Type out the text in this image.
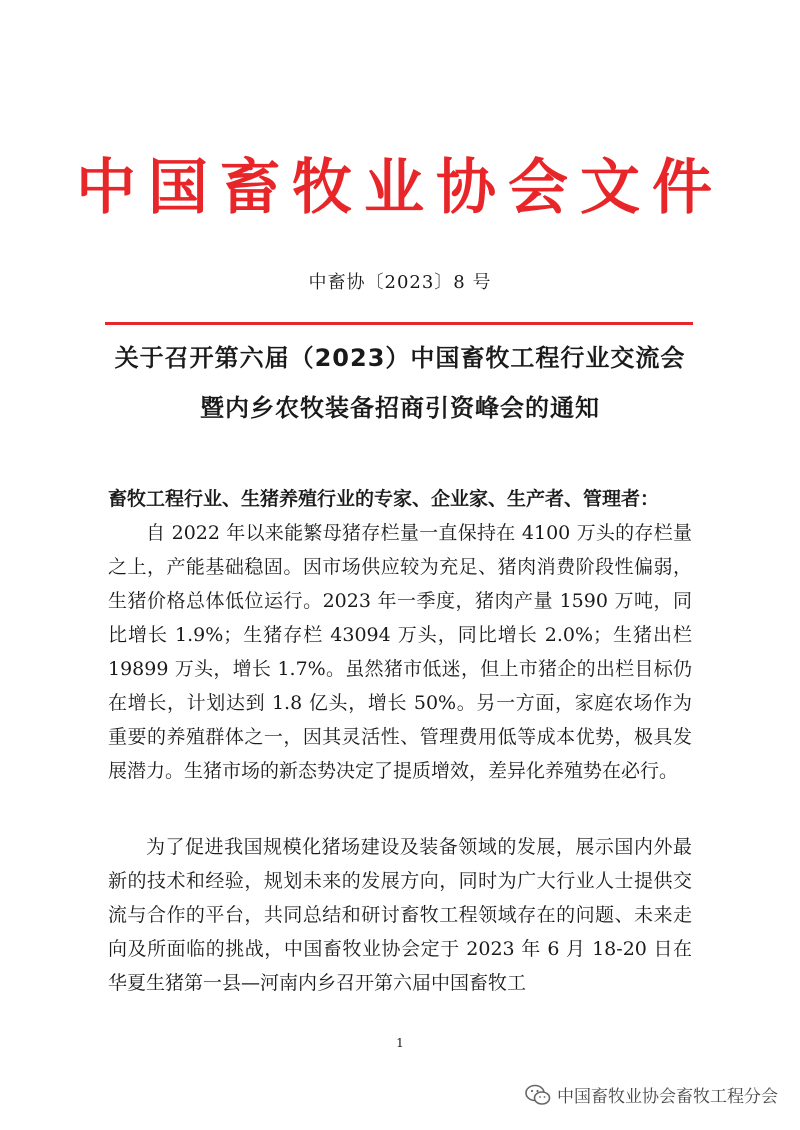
中国畜牧业协会文件
中畜协〔2023〕8 号
关于召开第六届（2023）中国畜牧工程行业交流会
暨内乡农牧装备招商引资峰会的通知
畜牧工程行业、生猪养殖行业的专家、企业家、生产者、管理者：
自 2022 年以来能繁母猪存栏量一直保持在 4100 万头的存栏量之上，产能基础稳固。因市场供应较为充足、猪肉消费阶段性偏弱，生猪价格总体低位运行。2023 年一季度，猪肉产量 1590 万吨，同比增长 1.9%；生猪存栏 43094 万头，同比增长 2.0%；生猪出栏 19899 万头，增长 1.7%。虽然猪市低迷，但上市猪企的出栏目标仍在增长，计划达到 1.8 亿头，增长 50%。另一方面，家庭农场作为重要的养殖群体之一，因其灵活性、管理费用低等成本优势，极具发展潜力。生猪市场的新态势决定了提质增效，差异化养殖势在必行。
为了促进我国规模化猪场建设及装备领域的发展，展示国内外最新的技术和经验，规划未来的发展方向，同时为广大行业人士提供交流与合作的平台，共同总结和研讨畜牧工程领域存在的问题、未来走向及所面临的挑战，中国畜牧业协会定于 2023 年 6 月 18-20 日在华夏生猪第一县—河南内乡召开第六届中国畜牧工
1
中国畜牧业协会畜牧工程分会
